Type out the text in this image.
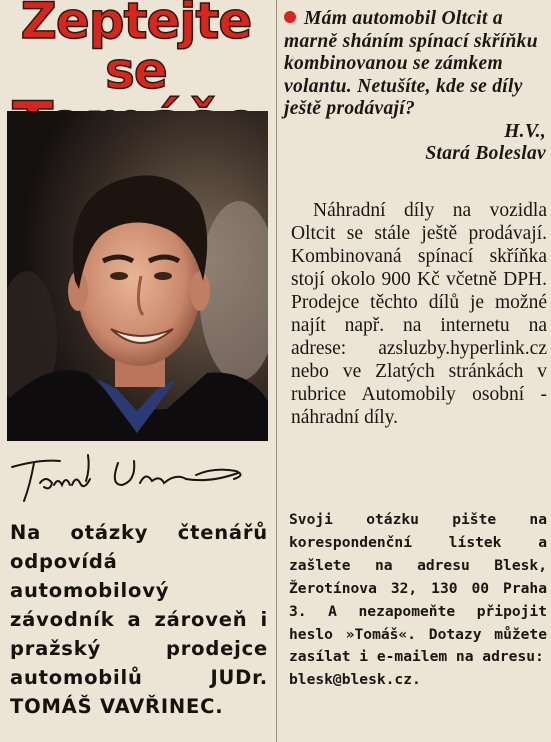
Zeptejte se
Na otázky čtenářů odpovídá automobilový závodník a zároveň i pražský prodejce automobilů JUDr. TOMÁŠ VAVŘINEC.
Mám automobil Oltcit a marně sháním spínací skříňku kombinovanou se zámkem volantu. Netušíte, kde se díly ještě prodávají?
H.V.,
Stará Boleslav
Náhradní díly na vozidla Oltcit se stále ještě prodávají. Kombinovaná spínací skříňka stojí okolo 900 Kč včetně DPH. Prodejce těchto dílů je možné najít např. na internetu na adrese: azsluzby.hyperlink.cz nebo ve Zlatých stránkách v rubrice Automobily osobní - náhradní díly.
Svoji otázku pište na korespondenční lístek a zašlete na adresu Blesk, Žerotínova 32, 130 00 Praha 3. A nezapomeňte připojit heslo »Tomáš«. Dotazy můžete zasílat i e-mailem na adresu:
blesk@blesk.cz.
